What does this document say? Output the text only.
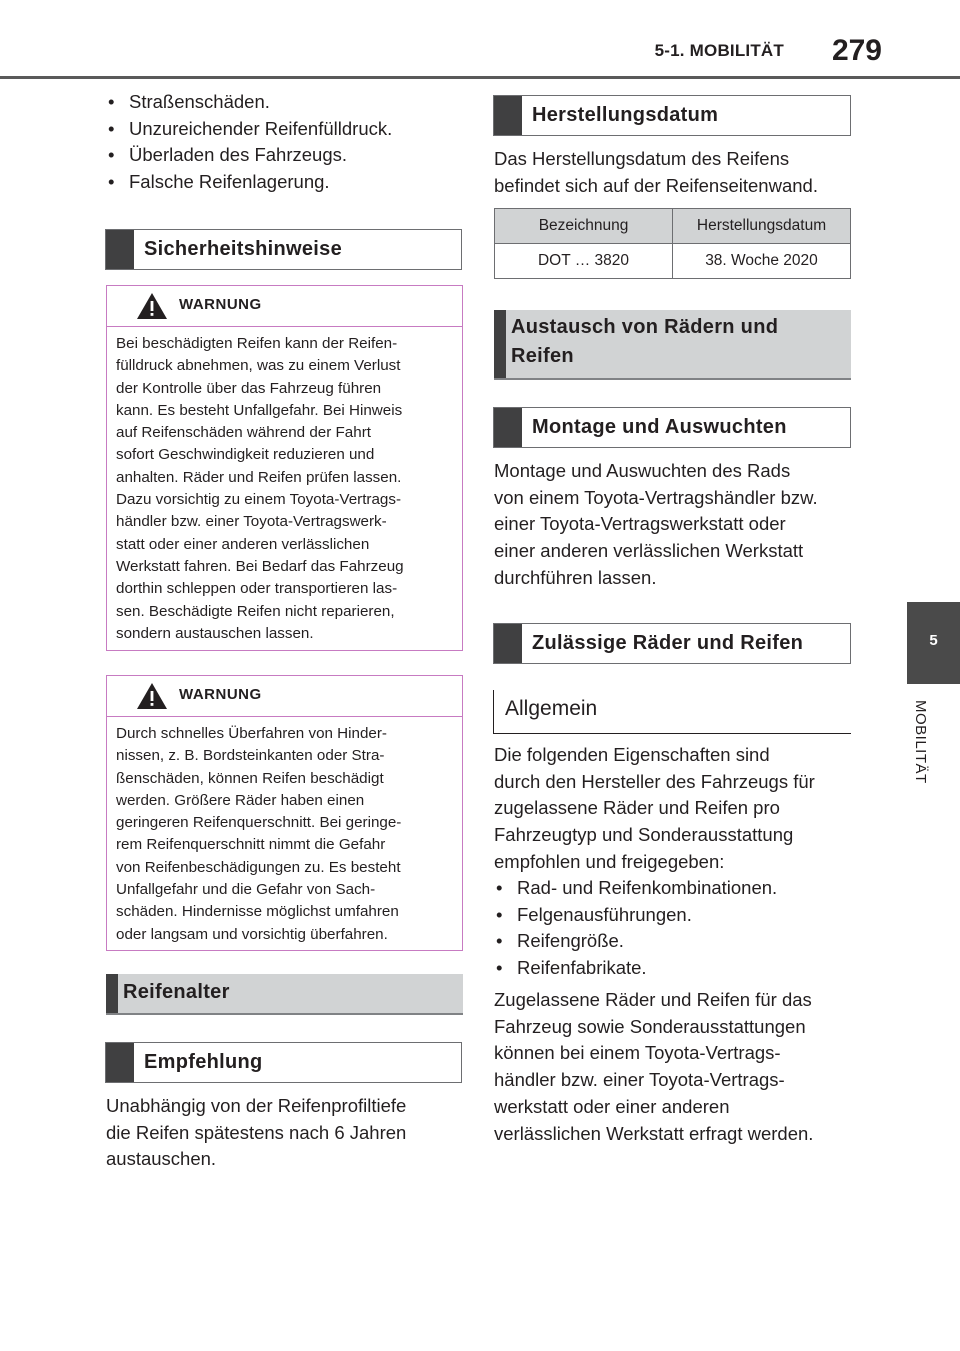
5-1. MOBILITÄT 279
5
MOBILITÄT
• Straßenschäden.
• Unzureichender Reifenfülldruck.
• Überladen des Fahrzeugs.
• Falsche Reifenlagerung.
Sicherheitshinweise
WARNUNG
Bei beschädigten Reifen kann der Reifen-
fülldruck abnehmen, was zu einem Verlust
der Kontrolle über das Fahrzeug führen
kann. Es besteht Unfallgefahr. Bei Hinweis
auf Reifenschäden während der Fahrt
sofort Geschwindigkeit reduzieren und
anhalten. Räder und Reifen prüfen lassen.
Dazu vorsichtig zu einem Toyota-Vertrags-
händler bzw. einer Toyota-Vertragswerk-
statt oder einer anderen verlässlichen
Werkstatt fahren. Bei Bedarf das Fahrzeug
dorthin schleppen oder transportieren las-
sen. Beschädigte Reifen nicht reparieren,
sondern austauschen lassen.
WARNUNG
Durch schnelles Überfahren von Hinder-
nissen, z. B. Bordsteinkanten oder Stra-
ßenschäden, können Reifen beschädigt
werden. Größere Räder haben einen
geringeren Reifenquerschnitt. Bei geringe-
rem Reifenquerschnitt nimmt die Gefahr
von Reifenbeschädigungen zu. Es besteht
Unfallgefahr und die Gefahr von Sach-
schäden. Hindernisse möglichst umfahren
oder langsam und vorsichtig überfahren.
Reifenalter
Empfehlung
Unabhängig von der Reifenprofiltiefe
die Reifen spätestens nach 6 Jahren
austauschen.
Herstellungsdatum
Das Herstellungsdatum des Reifens
befindet sich auf der Reifenseitenwand.
Bezeichnung	Herstellungsdatum
DOT … 3820	38. Woche 2020
Austausch von Rädern und
Reifen
Montage und Auswuchten
Montage und Auswuchten des Rads
von einem Toyota-Vertragshändler bzw.
einer Toyota-Vertragswerkstatt oder
einer anderen verlässlichen Werkstatt
durchführen lassen.
Zulässige Räder und Reifen
Allgemein
Die folgenden Eigenschaften sind
durch den Hersteller des Fahrzeugs für
zugelassene Räder und Reifen pro
Fahrzeugtyp und Sonderausstattung
empfohlen und freigegeben:
• Rad- und Reifenkombinationen.
• Felgenausführungen.
• Reifengröße.
• Reifenfabrikate.
Zugelassene Räder und Reifen für das
Fahrzeug sowie Sonderausstattungen
können bei einem Toyota-Vertrags-
händler bzw. einer Toyota-Vertrags-
werkstatt oder einer anderen
verlässlichen Werkstatt erfragt werden.
